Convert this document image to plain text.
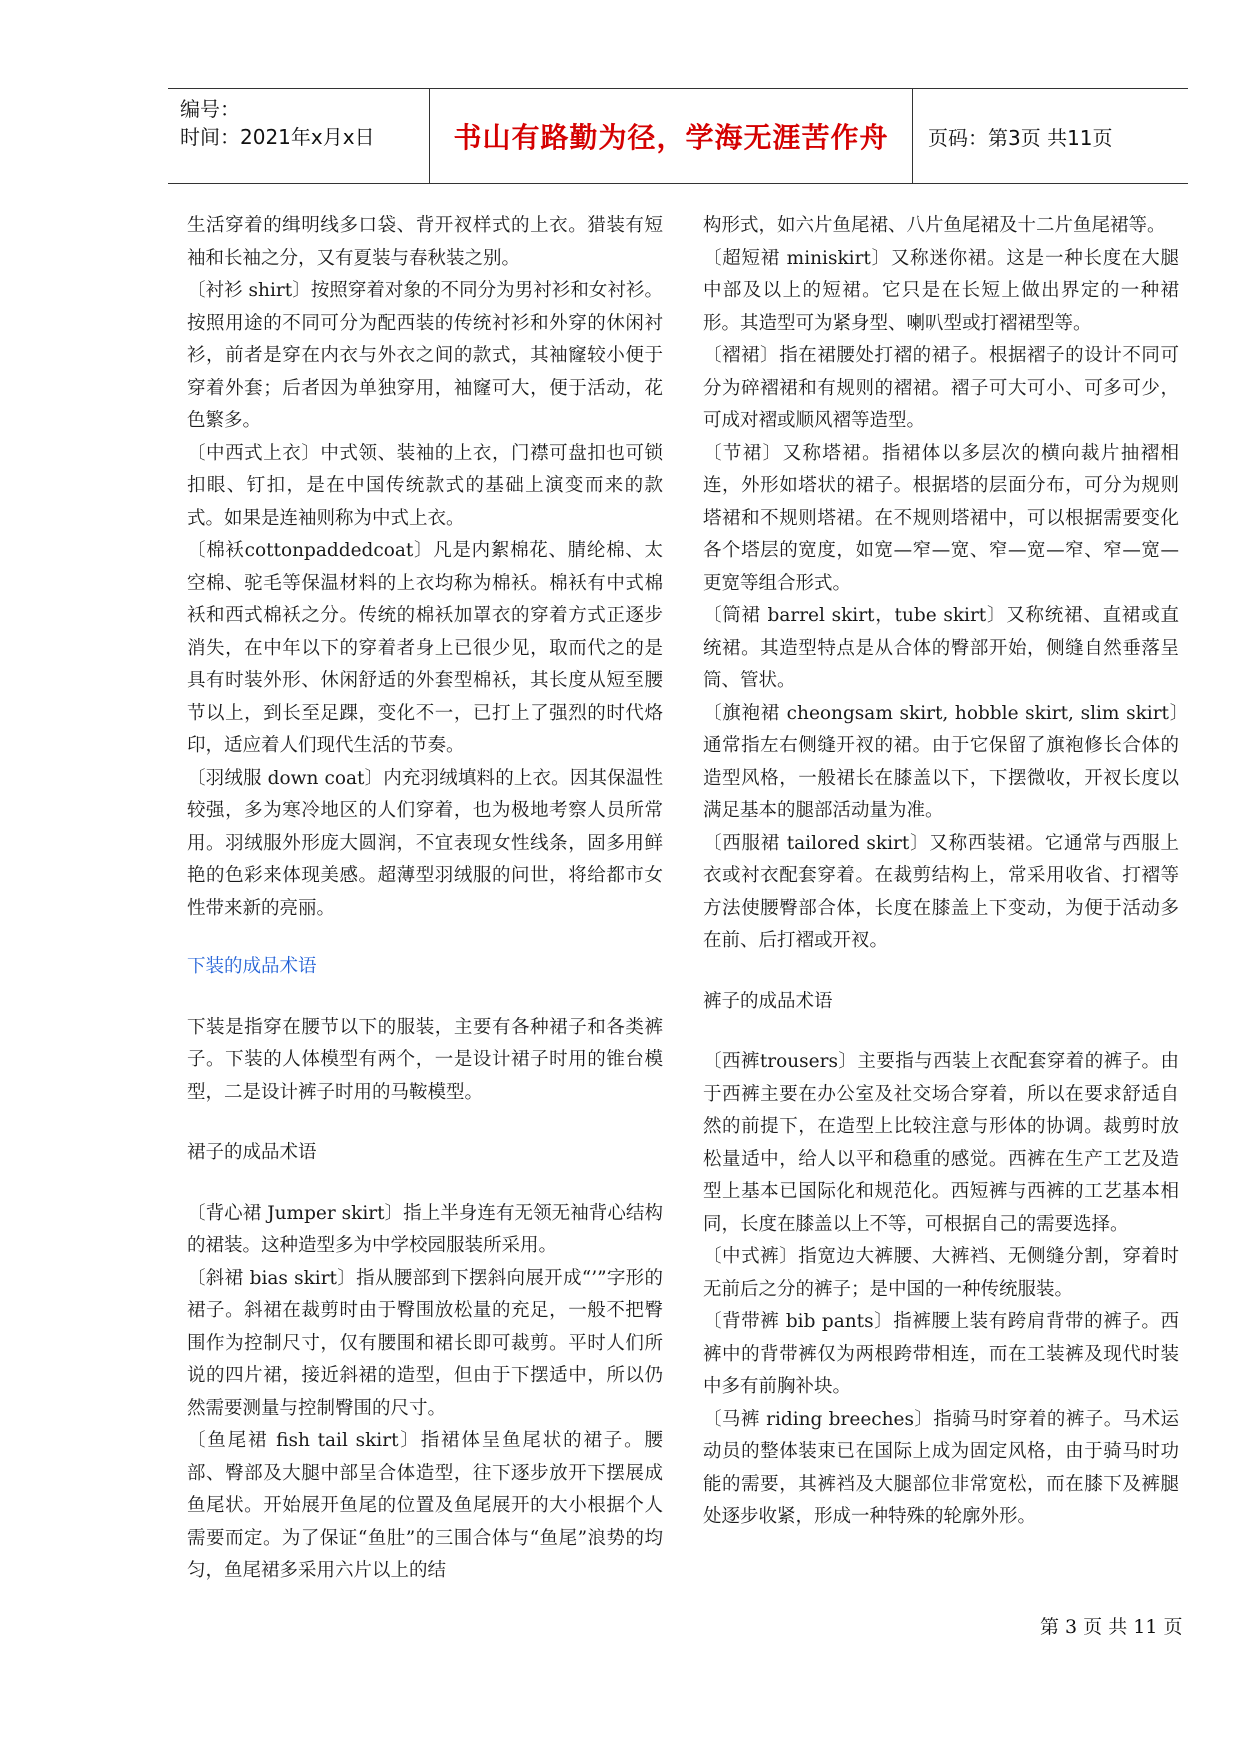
编号：
时间：2021年x月x日	书山有路勤为径，学海无涯苦作舟	页码：第3页 共11页

生活穿着的缉明线多口袋、背开衩样式的上衣。猎装有短袖和长袖之分，又有夏装与春秋装之别。

〔衬衫 shirt〕按照穿着对象的不同分为男衬衫和女衬衫。按照用途的不同可分为配西装的传统衬衫和外穿的休闲衬衫，前者是穿在内衣与外衣之间的款式，其袖窿较小便于穿着外套；后者因为单独穿用，袖窿可大，便于活动，花色繁多。

〔中西式上衣〕中式领、装袖的上衣，门襟可盘扣也可锁扣眼、钉扣，是在中国传统款式的基础上演变而来的款式。如果是连袖则称为中式上衣。

〔棉袄cottonpaddedcoat〕凡是内絮棉花、腈纶棉、太空棉、驼毛等保温材料的上衣均称为棉袄。棉袄有中式棉袄和西式棉袄之分。传统的棉袄加罩衣的穿着方式正逐步消失，在中年以下的穿着者身上已很少见，取而代之的是具有时装外形、休闲舒适的外套型棉袄，其长度从短至腰节以上，到长至足踝，变化不一，已打上了强烈的时代烙印，适应着人们现代生活的节奏。

〔羽绒服 down coat〕内充羽绒填料的上衣。因其保温性较强，多为寒冷地区的人们穿着，也为极地考察人员所常用。羽绒服外形庞大圆润，不宜表现女性线条，固多用鲜艳的色彩来体现美感。超薄型羽绒服的问世，将给都市女性带来新的亮丽。

下装的成品术语

下装是指穿在腰节以下的服装，主要有各种裙子和各类裤子。下装的人体模型有两个，一是设计裙子时用的锥台模型，二是设计裤子时用的马鞍模型。

裙子的成品术语

〔背心裙 Jumper skirt〕指上半身连有无领无袖背心结构的裙装。这种造型多为中学校园服装所采用。

〔斜裙 bias skirt〕指从腰部到下摆斜向展开成“’”字形的裙子。斜裙在裁剪时由于臀围放松量的充足，一般不把臀围作为控制尺寸，仅有腰围和裙长即可裁剪。平时人们所说的四片裙，接近斜裙的造型，但由于下摆适中，所以仍然需要测量与控制臀围的尺寸。

〔鱼尾裙 fish tail skirt〕指裙体呈鱼尾状的裙子。腰部、臀部及大腿中部呈合体造型，往下逐步放开下摆展成鱼尾状。开始展开鱼尾的位置及鱼尾展开的大小根据个人需要而定。为了保证“鱼肚”的三围合体与“鱼尾”浪势的均匀，鱼尾裙多采用六片以上的结

构形式，如六片鱼尾裙、八片鱼尾裙及十二片鱼尾裙等。

〔超短裙 miniskirt〕又称迷你裙。这是一种长度在大腿中部及以上的短裙。它只是在长短上做出界定的一种裙形。其造型可为紧身型、喇叭型或打褶裙型等。

〔褶裙〕指在裙腰处打褶的裙子。根据褶子的设计不同可分为碎褶裙和有规则的褶裙。褶子可大可小、可多可少，可成对褶或顺风褶等造型。

〔节裙〕又称塔裙。指裙体以多层次的横向裁片抽褶相连，外形如塔状的裙子。根据塔的层面分布，可分为规则塔裙和不规则塔裙。在不规则塔裙中，可以根据需要变化各个塔层的宽度，如宽—窄—宽、窄—宽—窄、窄—宽—更宽等组合形式。

〔筒裙 barrel skirt，tube skirt〕又称统裙、直裙或直统裙。其造型特点是从合体的臀部开始，侧缝自然垂落呈筒、管状。

〔旗袍裙 cheongsam skirt, hobble skirt, slim skirt〕通常指左右侧缝开衩的裙。由于它保留了旗袍修长合体的造型风格，一般裙长在膝盖以下，下摆微收，开衩长度以满足基本的腿部活动量为准。

〔西服裙 tailored skirt〕又称西装裙。它通常与西服上衣或衬衣配套穿着。在裁剪结构上，常采用收省、打褶等方法使腰臀部合体，长度在膝盖上下变动，为便于活动多在前、后打褶或开衩。

裤子的成品术语

〔西裤trousers〕主要指与西装上衣配套穿着的裤子。由于西裤主要在办公室及社交场合穿着，所以在要求舒适自然的前提下，在造型上比较注意与形体的协调。裁剪时放松量适中，给人以平和稳重的感觉。西裤在生产工艺及造型上基本已国际化和规范化。西短裤与西裤的工艺基本相同，长度在膝盖以上不等，可根据自己的需要选择。

〔中式裤〕指宽边大裤腰、大裤裆、无侧缝分割，穿着时无前后之分的裤子；是中国的一种传统服装。

〔背带裤 bib pants〕指裤腰上装有跨肩背带的裤子。西裤中的背带裤仅为两根跨带相连，而在工装裤及现代时装中多有前胸补块。

〔马裤 riding breeches〕指骑马时穿着的裤子。马术运动员的整体装束已在国际上成为固定风格，由于骑马时功能的需要，其裤裆及大腿部位非常宽松，而在膝下及裤腿处逐步收紧，形成一种特殊的轮廓外形。

第 3 页 共 11 页
